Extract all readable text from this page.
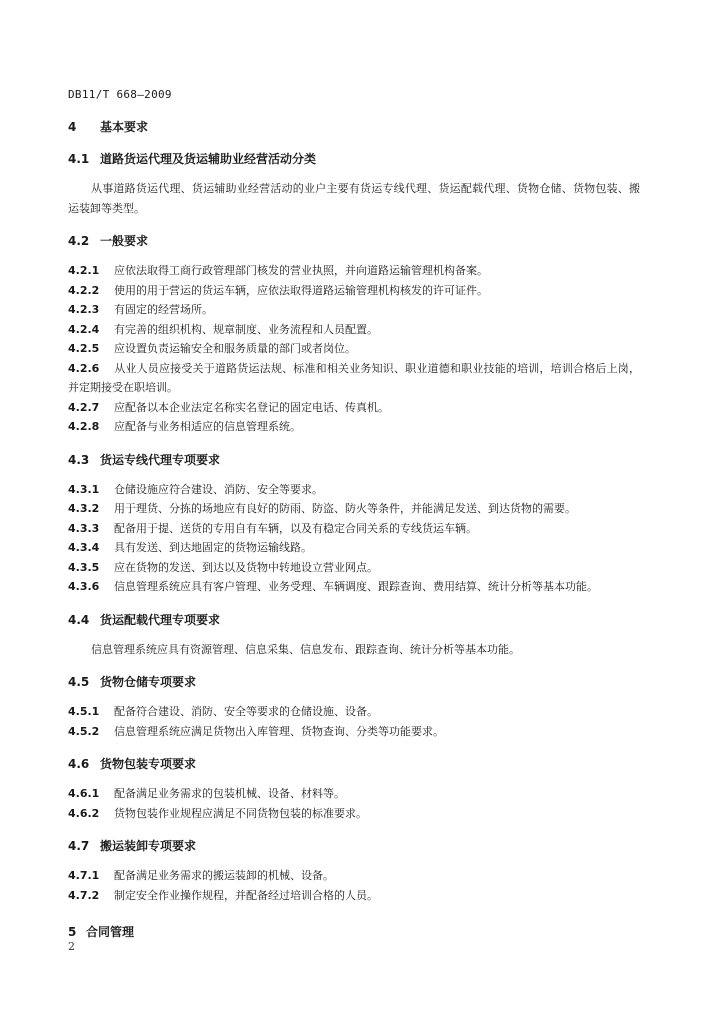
DB11/T 668—2009
4 基本要求
4.1 道路货运代理及货运辅助业经营活动分类
从事道路货运代理、货运辅助业经营活动的业户主要有货运专线代理、货运配载代理、货物仓储、货物包装、搬运装卸等类型。
4.2 一般要求
4.2.1 应依法取得工商行政管理部门核发的营业执照，并向道路运输管理机构备案。
4.2.2 使用的用于营运的货运车辆，应依法取得道路运输管理机构核发的许可证件。
4.2.3 有固定的经营场所。
4.2.4 有完善的组织机构、规章制度、业务流程和人员配置。
4.2.5 应设置负责运输安全和服务质量的部门或者岗位。
4.2.6 从业人员应接受关于道路货运法规、标准和相关业务知识、职业道德和职业技能的培训，培训合格后上岗，并定期接受在职培训。
4.2.7 应配备以本企业法定名称实名登记的固定电话、传真机。
4.2.8 应配备与业务相适应的信息管理系统。
4.3 货运专线代理专项要求
4.3.1 仓储设施应符合建设、消防、安全等要求。
4.3.2 用于理货、分拣的场地应有良好的防雨、防盗、防火等条件，并能满足发送、到达货物的需要。
4.3.3 配备用于提、送货的专用自有车辆，以及有稳定合同关系的专线货运车辆。
4.3.4 具有发送、到达地固定的货物运输线路。
4.3.5 应在货物的发送、到达以及货物中转地设立营业网点。
4.3.6 信息管理系统应具有客户管理、业务受理、车辆调度、跟踪查询、费用结算、统计分析等基本功能。
4.4 货运配载代理专项要求
信息管理系统应具有资源管理、信息采集、信息发布、跟踪查询、统计分析等基本功能。
4.5 货物仓储专项要求
4.5.1 配备符合建设、消防、安全等要求的仓储设施、设备。
4.5.2 信息管理系统应满足货物出入库管理、货物查询、分类等功能要求。
4.6 货物包装专项要求
4.6.1 配备满足业务需求的包装机械、设备、材料等。
4.6.2 货物包装作业规程应满足不同货物包装的标准要求。
4.7 搬运装卸专项要求
4.7.1 配备满足业务需求的搬运装卸的机械、设备。
4.7.2 制定安全作业操作规程，并配备经过培训合格的人员。
5 合同管理
2
